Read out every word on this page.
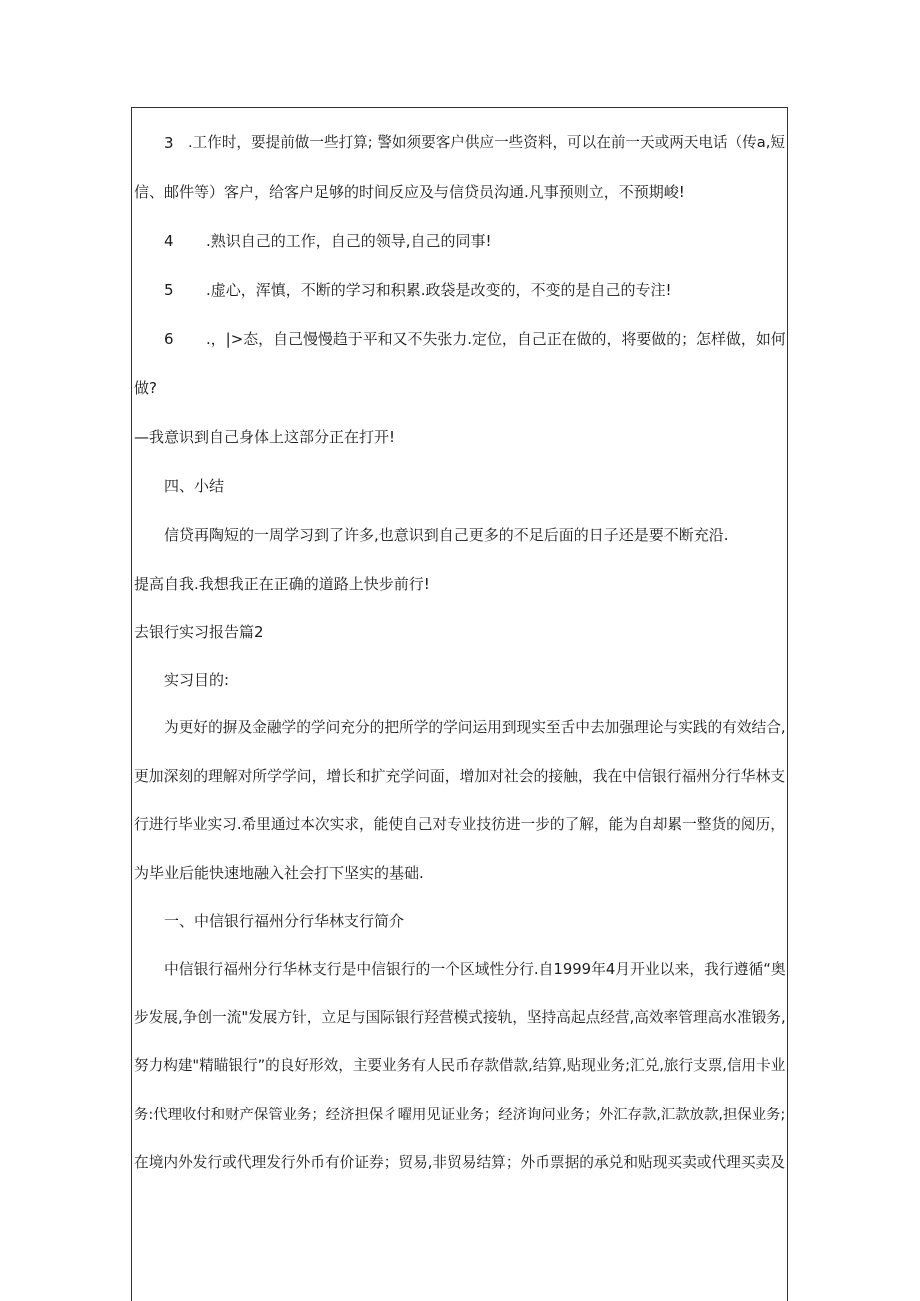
3 .工作时，要提前做一些打算; 警如须要客户供应一些资料，可以在前一天或两天电话（传a,短
信、邮件等）客户，给客户足够的时间反应及与信贷员沟通.凡事预则立，不预期峻!
4 .熟识自己的工作，自己的领导,自己的同事!
5 .虚心，浑慎，不断的学习和积累.政袋是改变的，不变的是自己的专注!
6 .，|>态，自己慢慢趋于平和又不失张力.定位，自己正在做的，将要做的；怎样做，如何
做?
—我意识到自己身体上这部分正在打开!
四、小结
信贷再陶短的一周学习到了许多,也意识到自己更多的不足后面的日子还是要不断充沿.
提高自我.我想我正在正确的道路上快步前行!
去银行实习报告篇2
实习目的:
为更好的摒及金融学的学问充分的把所学的学问运用到现实至舌中去加强理论与实践的有效结合,
更加深刻的理解对所学学问，增长和扩充学问面，增加对社会的接触，我在中信银行福州分行华林支
行进行毕业实习.希里通过本次实求，能使自己对专业技彷进一步的了解，能为自却累一整货的阅历，
为毕业后能快速地融入社会打下坚实的基础.
一、中信银行福州分行华林支行简介
中信银行福州分行华林支行是中信银行的一个区域性分行.自1999年4月开业以来，我行遵循“奥
步发展,争创一流"发展方针，立足与国际银行羟营模式接轨，坚持高起点经营,高效率管理高水准锻务,
努力构建"精瞄银行”的良好形效，主要业务有人民币存款借款,结算,贴现业务;汇兑,旅行支票,信用卡业
务:代理收付和财产保管业务；经济担保彳曜用见证业务；经济询问业务；外汇存款,汇款放款,担保业务;
在境内外发行或代理发行外币有价证券；贸易,非贸易结算；外币票据的承兑和贴现买卖或代理买卖及
